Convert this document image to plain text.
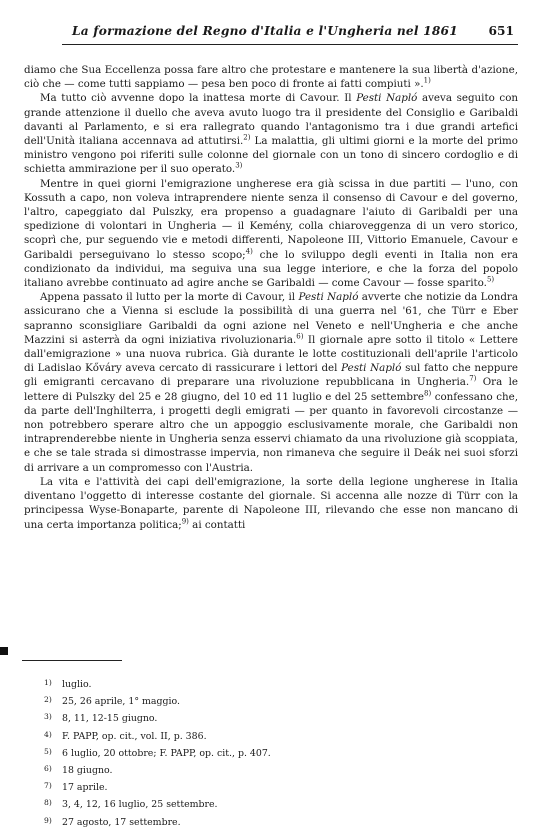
La formazione del Regno d'Italia e l'Ungheria nel 1861	651

diamo che Sua Eccellenza possa fare altro che protestare e mantenere la sua libertà d'azione, ciò che — come tutti sappiamo — pesa ben poco di fronte ai fatti compiuti ».$^{1)}$

Ma tutto ciò avvenne dopo la inattesa morte di Cavour. Il Pesti Napló aveva seguito con grande attenzione il duello che aveva avuto luogo tra il presidente del Consiglio e Garibaldi davanti al Parlamento, e si era rallegrato quando l'antagonismo tra i due grandi artefici dell'Unità italiana accennava ad attutirsi.$^{2)}$ La malattia, gli ultimi giorni e la morte del primo ministro vengono poi riferiti sulle colonne del giornale con un tono di sincero cordoglio e di schietta ammirazione per il suo operato.$^{3)}$

Mentre in quei giorni l'emigrazione ungherese era già scissa in due partiti — l'uno, con Kossuth a capo, non voleva intraprendere niente senza il consenso di Cavour e del governo, l'altro, capeggiato dal Pulszky, era propenso a guadagnare l'aiuto di Garibaldi per una spedizione di volontari in Ungheria — il Kemény, colla chiaroveggenza di un vero storico, scoprì che, pur seguendo vie e metodi differenti, Napoleone III, Vittorio Emanuele, Cavour e Garibaldi perseguivano lo stesso scopo;$^{4)}$ che lo sviluppo degli eventi in Italia non era condizionato da individui, ma seguiva una sua legge interiore, e che la forza del popolo italiano avrebbe continuato ad agire anche se Garibaldi — come Cavour — fosse sparito.$^{5)}$

Appena passato il lutto per la morte di Cavour, il Pesti Napló avverte che notizie da Londra assicurano che a Vienna si esclude la possibilità di una guerra nel '61, che Türr e Eber sapranno sconsigliare Garibaldi da ogni azione nel Veneto e nell'Ungheria e che anche Mazzini si asterrà da ogni iniziativa rivoluzionaria.$^{6)}$ Il giornale apre sotto il titolo « Lettere dall'emigrazione » una nuova rubrica. Già durante le lotte costituzionali dell'aprile l'articolo di Ladislao Kőváry aveva cercato di rassicurare i lettori del Pesti Napló sul fatto che neppure gli emigranti cercavano di preparare una rivoluzione repubblicana in Ungheria.$^{7)}$ Ora le lettere di Pulszky del 25 e 28 giugno, del 10 ed 11 luglio e del 25 settembre$^{8)}$ confessano che, da parte dell'Inghilterra, i progetti degli emigrati — per quanto in favorevoli circostanze — non potrebbero sperare altro che un appoggio esclusivamente morale, che Garibaldi non intraprenderebbe niente in Ungheria senza esservi chiamato da una rivoluzione già scoppiata, e che se tale strada si dimostrasse impervia, non rimaneva che seguire il Deák nei suoi sforzi di arrivare a un compromesso con l'Austria.

La vita e l'attività dei capi dell'emigrazione, la sorte della legione ungherese in Italia diventano l'oggetto di interesse costante del giornale. Si accenna alle nozze di Türr con la principessa Wyse-Bonaparte, parente di Napoleone III, rilevando che esse non mancano di una certa importanza politica;$^{9)}$ ai contatti

1) luglio.
2) 25, 26 aprile, 1° maggio.
3) 8, 11, 12-15 giugno.
4) F. PAPP, op. cit., vol. II, p. 386.
5) 6 luglio, 20 ottobre; F. PAPP, op. cit., p. 407.
6) 18 giugno.
7) 17 aprile.
8) 3, 4, 12, 16 luglio, 25 settembre.
9) 27 agosto, 17 settembre.
